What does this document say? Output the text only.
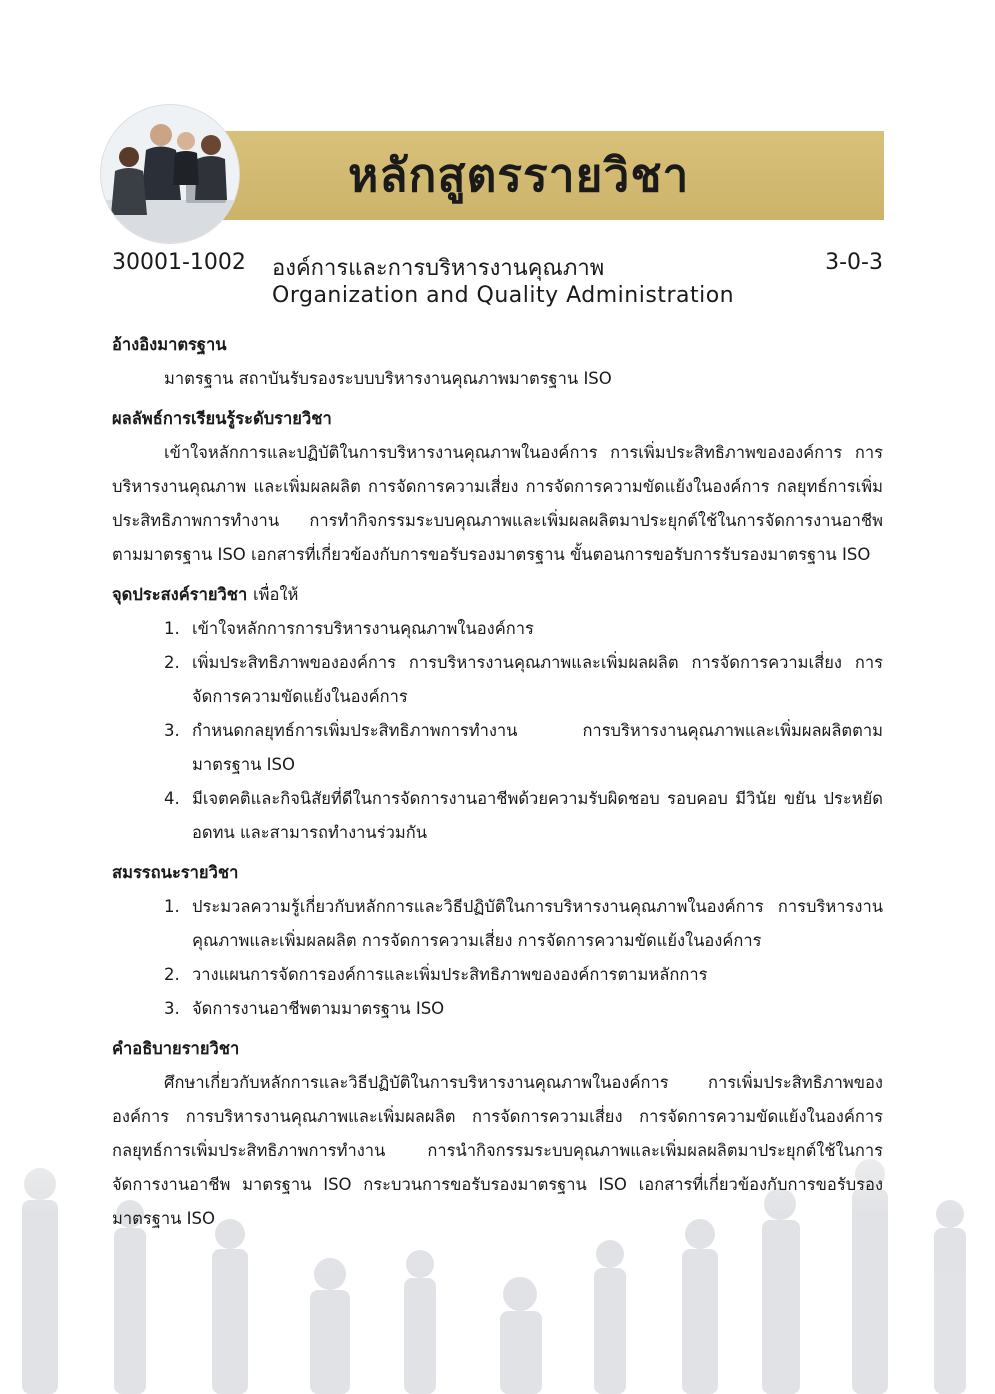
หลักสูตรรายวิชา
30001-1002 องค์การและการบริหารงานคุณภาพ
Organization and Quality Administration
3-0-3

อ้างอิงมาตรฐาน

มาตรฐาน สถาบันรับรองระบบบริหารงานคุณภาพมาตรฐาน ISO

ผลลัพธ์การเรียนรู้ระดับรายวิชา

เข้าใจหลักการและปฏิบัติในการบริหารงานคุณภาพในองค์การ การเพิ่มประสิทธิภาพขององค์การ การบริหารงานคุณภาพ และเพิ่มผลผลิต การจัดการความเสี่ยง การจัดการความขัดแย้งในองค์การ กลยุทธ์การเพิ่มประสิทธิภาพการทำงาน การทำกิจกรรมระบบคุณภาพและเพิ่มผลผลิตมาประยุกต์ใช้ในการจัดการงานอาชีพ ตามมาตรฐาน ISO เอกสารที่เกี่ยวข้องกับการขอรับรองมาตรฐาน ขั้นตอนการขอรับการรับรองมาตรฐาน ISO

จุดประสงค์รายวิชา เพื่อให้

1. เข้าใจหลักการการบริหารงานคุณภาพในองค์การ
2. เพิ่มประสิทธิภาพขององค์การ การบริหารงานคุณภาพและเพิ่มผลผลิต การจัดการความเสี่ยง การจัดการความขัดแย้งในองค์การ
3. กำหนดกลยุทธ์การเพิ่มประสิทธิภาพการทำงาน การบริหารงานคุณภาพและเพิ่มผลผลิตตามมาตรฐาน ISO
4. มีเจตคติและกิจนิสัยที่ดีในการจัดการงานอาชีพด้วยความรับผิดชอบ รอบคอบ มีวินัย ขยัน ประหยัด อดทน และสามารถทำงานร่วมกัน

สมรรถนะรายวิชา

1. ประมวลความรู้เกี่ยวกับหลักการและวิธีปฏิบัติในการบริหารงานคุณภาพในองค์การ การบริหารงานคุณภาพและเพิ่มผลผลิต การจัดการความเสี่ยง การจัดการความขัดแย้งในองค์การ
2. วางแผนการจัดการองค์การและเพิ่มประสิทธิภาพขององค์การตามหลักการ
3. จัดการงานอาชีพตามมาตรฐาน ISO

คำอธิบายรายวิชา

ศึกษาเกี่ยวกับหลักการและวิธีปฏิบัติในการบริหารงานคุณภาพในองค์การ การเพิ่มประสิทธิภาพขององค์การ การบริหารงานคุณภาพและเพิ่มผลผลิต การจัดการความเสี่ยง การจัดการความขัดแย้งในองค์การ กลยุทธ์การเพิ่มประสิทธิภาพการทำงาน การนำกิจกรรมระบบคุณภาพและเพิ่มผลผลิตมาประยุกต์ใช้ในการจัดการงานอาชีพ มาตรฐาน ISO กระบวนการขอรับรองมาตรฐาน ISO เอกสารที่เกี่ยวข้องกับการขอรับรองมาตรฐาน ISO
